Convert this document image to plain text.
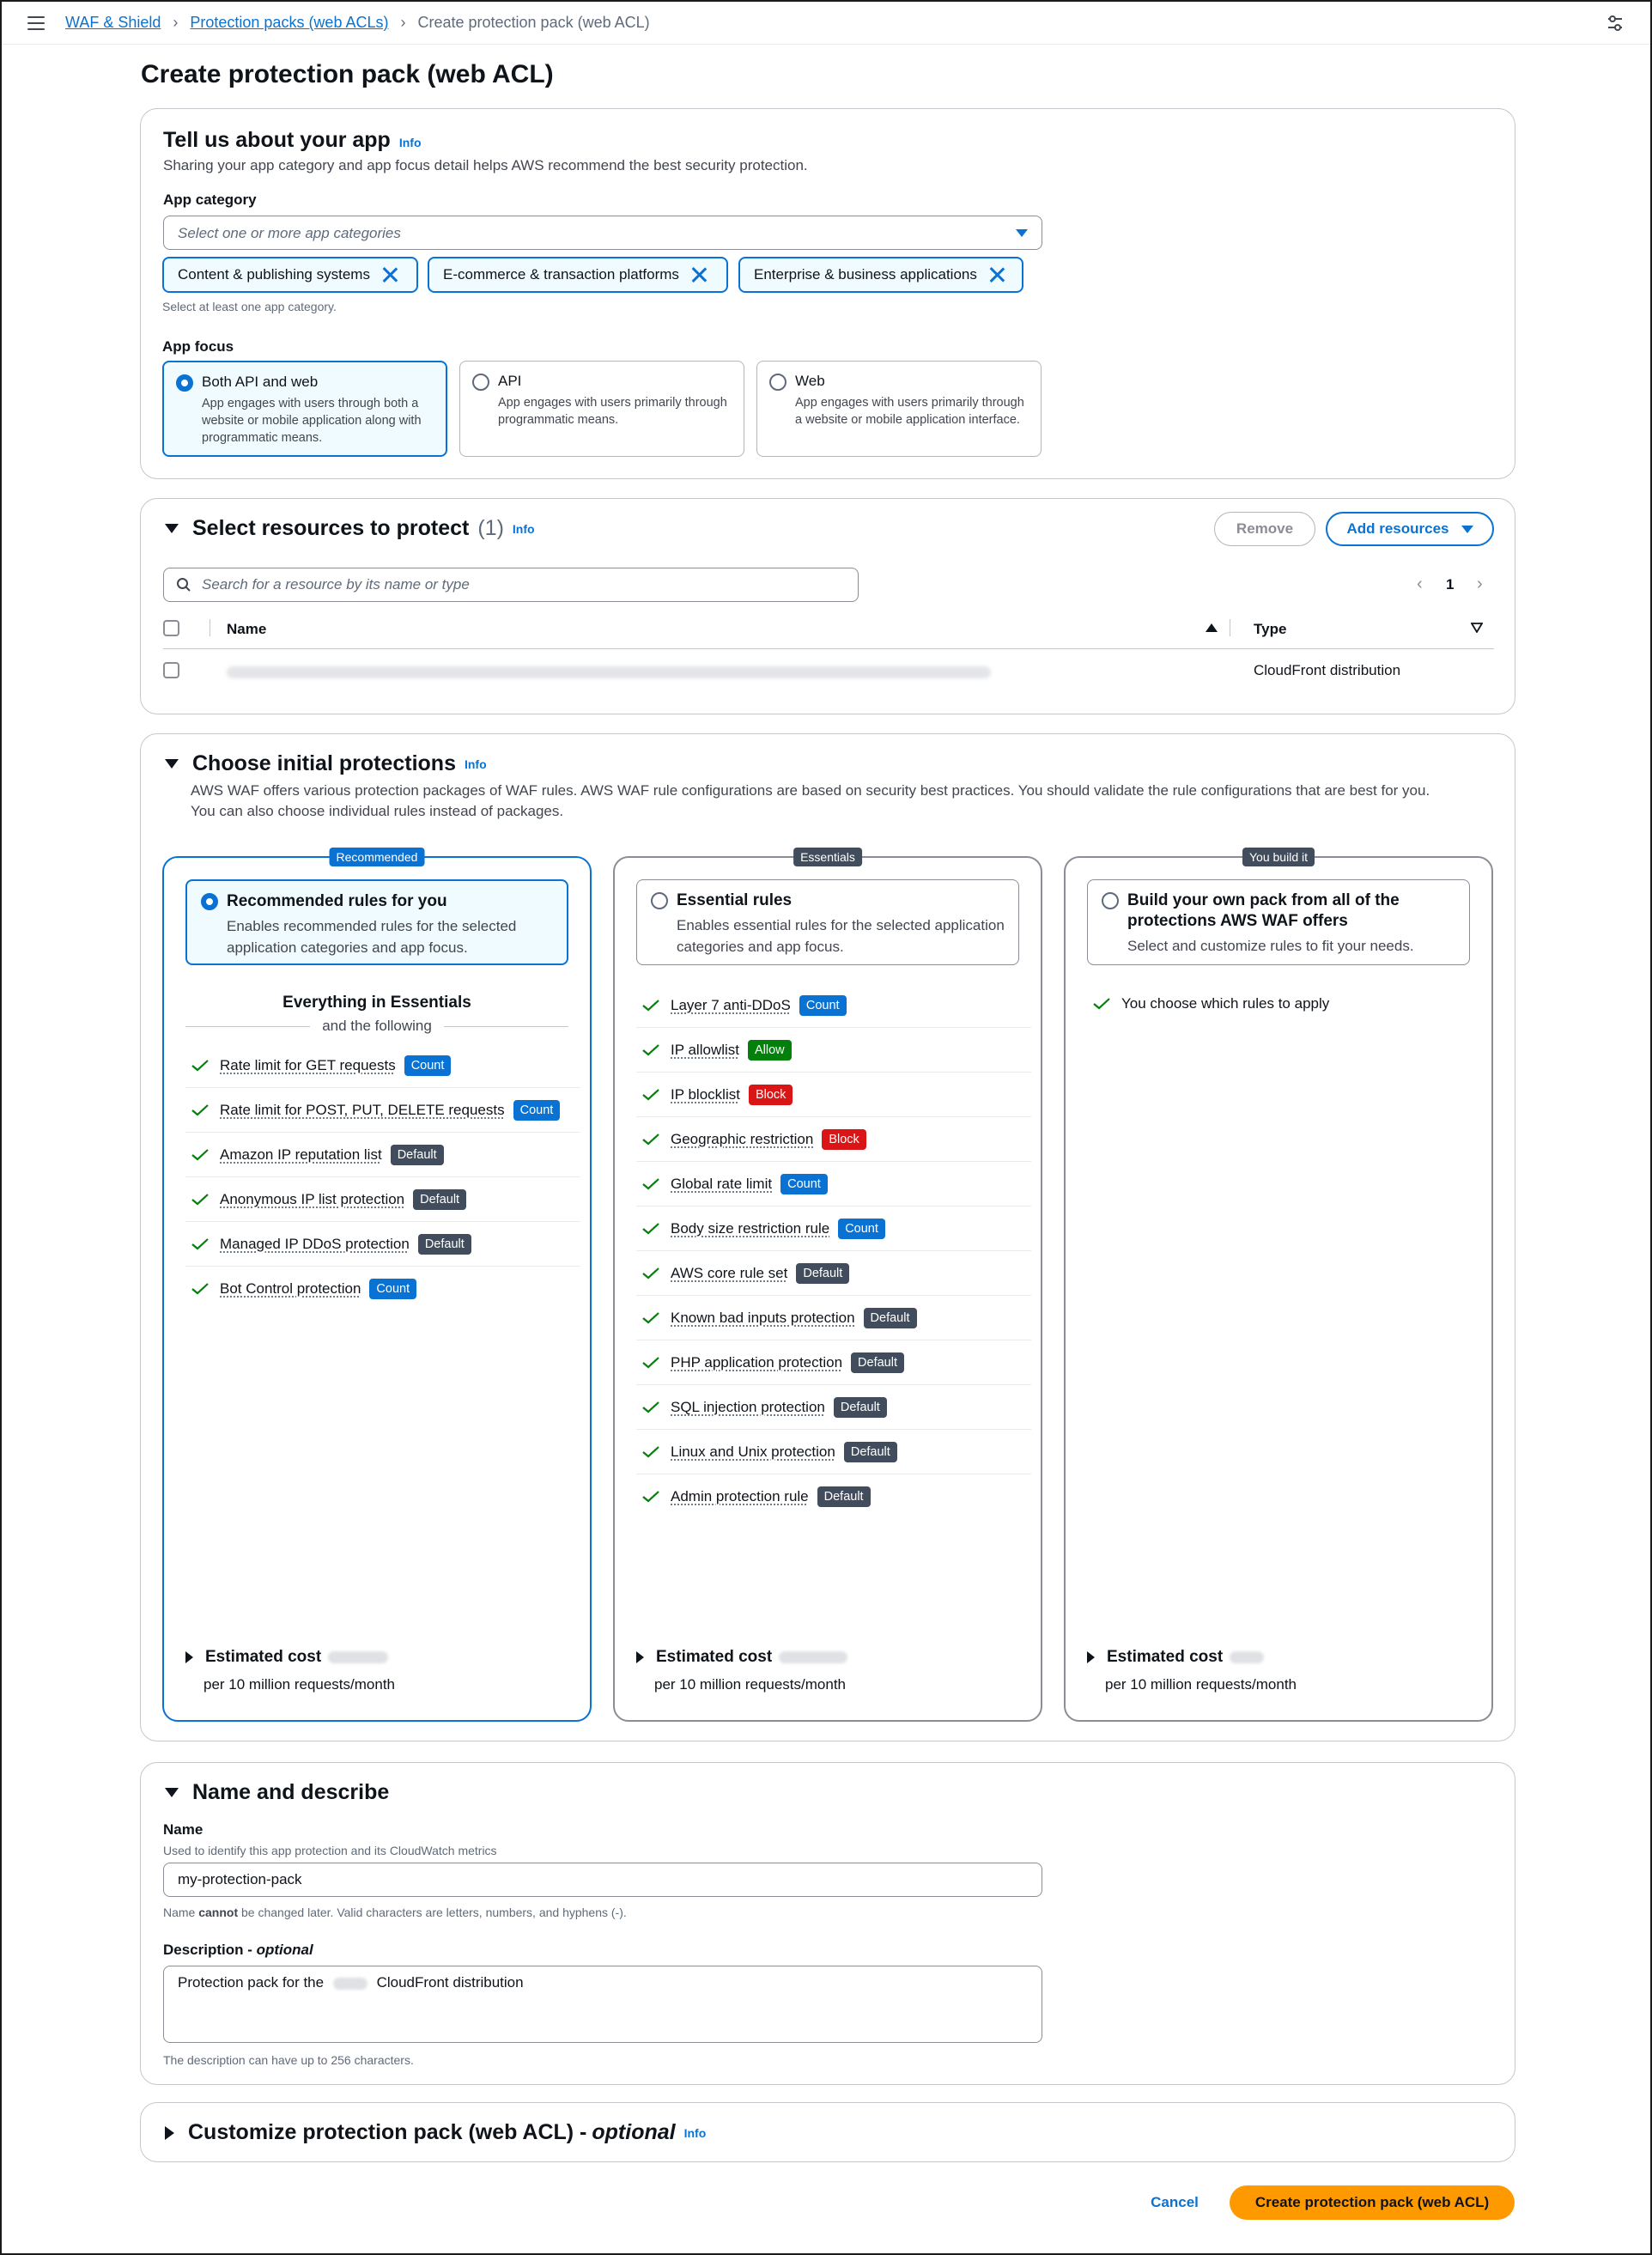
WAF & Shield › Protection packs (web ACLs) › Create protection pack (web ACL)
Create protection pack (web ACL)
Tell us about your app Info
Sharing your app category and app focus detail helps AWS recommend the best security protection.
App category
Select one or more app categories
Content & publishing systems	E-commerce & transaction platforms	Enterprise & business applications
Select at least one app category.
App focus
Both API and web
App engages with users through both a website or mobile application along with programmatic means.
API
App engages with users primarily through programmatic means.
Web
App engages with users primarily through a website or mobile application interface.
Select resources to protect (1) Info	Remove	Add resources
Search for a resource by its name or type	‹ 1 ›
Name	Type
CloudFront distribution
Choose initial protections Info
AWS WAF offers various protection packages of WAF rules. AWS WAF rule configurations are based on security best practices. You should validate the rule configurations that are best for you.
You can also choose individual rules instead of packages.
Recommended
Recommended rules for you
Enables recommended rules for the selected application categories and app focus.
Everything in Essentials
and the following
Rate limit for GET requests	Count
Rate limit for POST, PUT, DELETE requests	Count
Amazon IP reputation list	Default
Anonymous IP list protection	Default
Managed IP DDoS protection	Default
Bot Control protection	Count
Estimated cost
per 10 million requests/month
Essentials
Essential rules
Enables essential rules for the selected application categories and app focus.
Layer 7 anti-DDoS	Count
IP allowlist	Allow
IP blocklist	Block
Geographic restriction	Block
Global rate limit	Count
Body size restriction rule	Count
AWS core rule set	Default
Known bad inputs protection	Default
PHP application protection	Default
SQL injection protection	Default
Linux and Unix protection	Default
Admin protection rule	Default
Estimated cost
per 10 million requests/month
You build it
Build your own pack from all of the protections AWS WAF offers
Select and customize rules to fit your needs.
You choose which rules to apply
Estimated cost
per 10 million requests/month
Name and describe
Name
Used to identify this app protection and its CloudWatch metrics
my-protection-pack
Name cannot be changed later. Valid characters are letters, numbers, and hyphens (-).
Description - optional
Protection pack for the	CloudFront distribution
The description can have up to 256 characters.
Customize protection pack (web ACL) - optional Info
Cancel	Create protection pack (web ACL)
